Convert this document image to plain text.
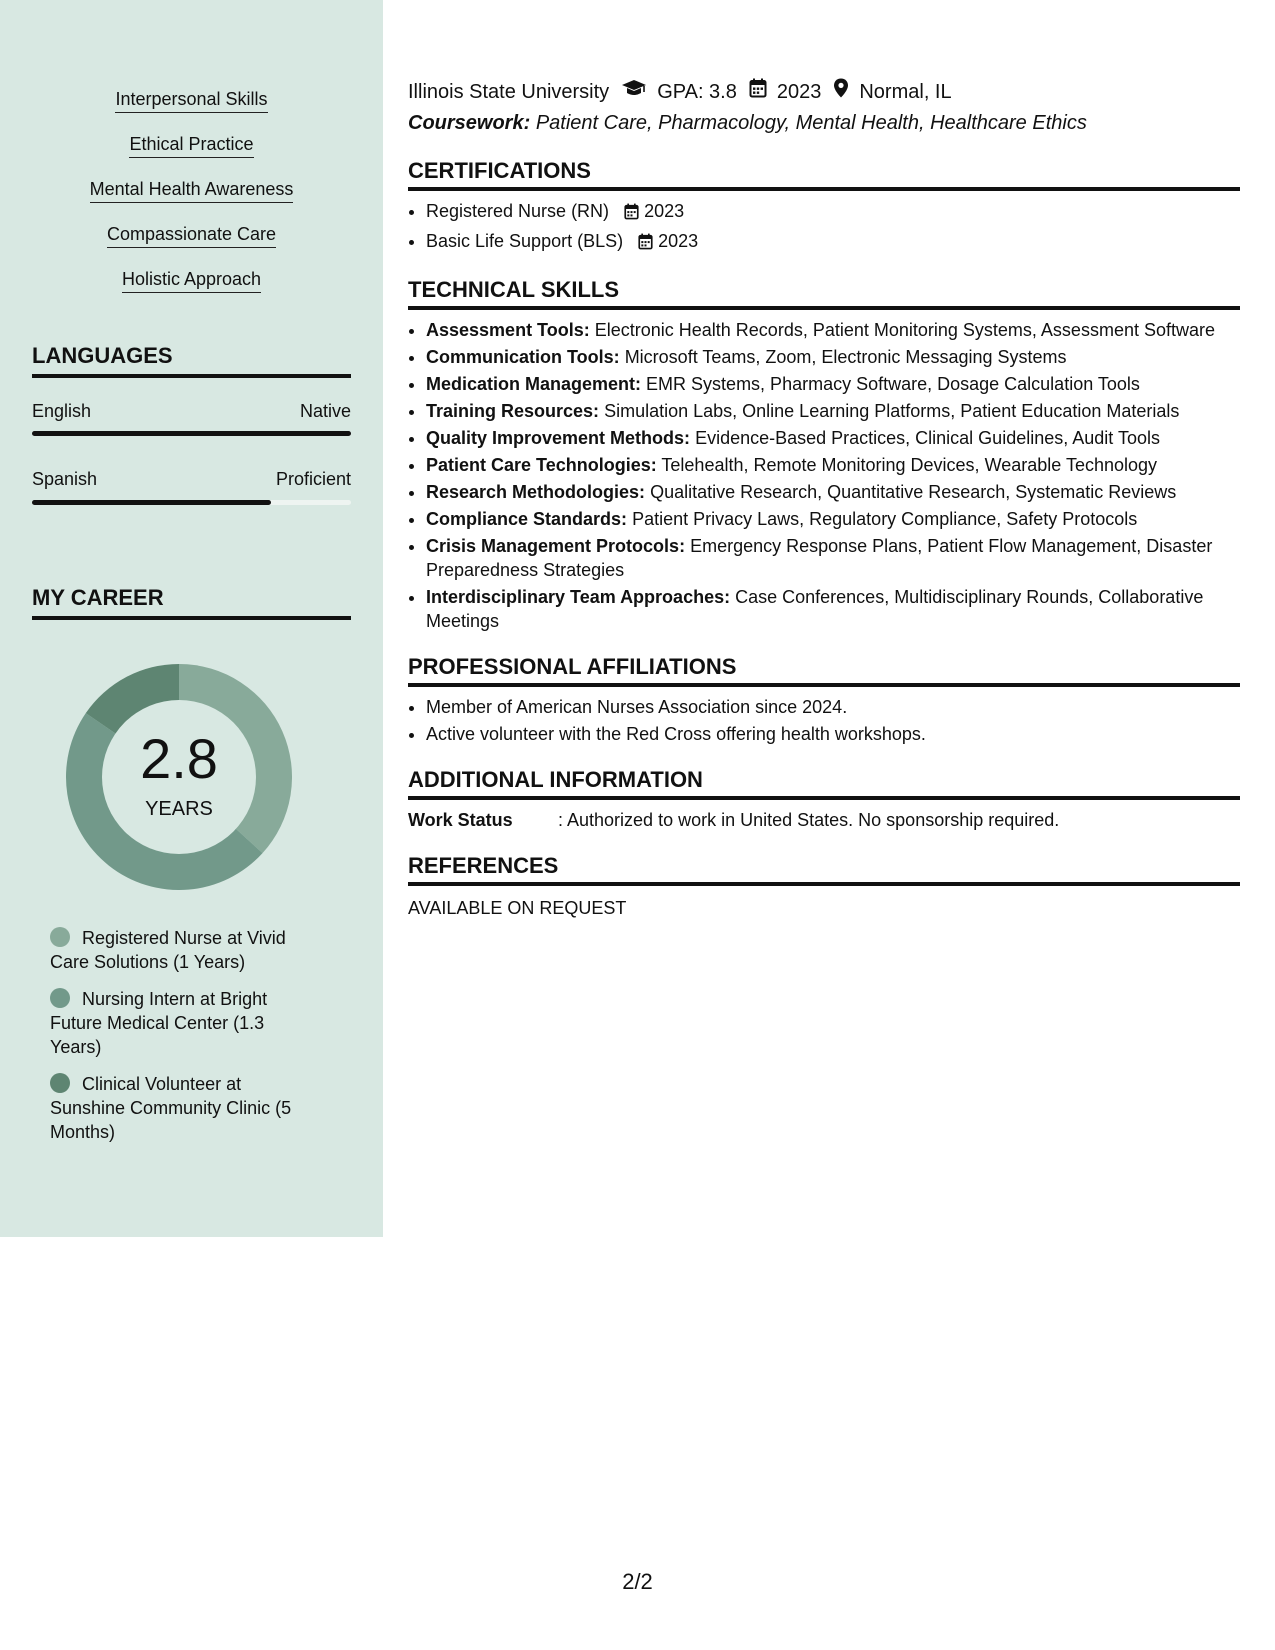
Interpersonal Skills
Ethical Practice
Mental Health Awareness
Compassionate Care
Holistic Approach
LANGUAGES
English	Native
Spanish	Proficient
MY CAREER
2.8
YEARS
Registered Nurse at Vivid Care Solutions (1 Years)
Nursing Intern at Bright Future Medical Center (1.3 Years)
Clinical Volunteer at Sunshine Community Clinic (5 Months)
Illinois State University GPA: 3.8 2023 Normal, IL
Coursework: Patient Care, Pharmacology, Mental Health, Healthcare Ethics
CERTIFICATIONS
• Registered Nurse (RN) 2023
• Basic Life Support (BLS) 2023
TECHNICAL SKILLS
• Assessment Tools: Electronic Health Records, Patient Monitoring Systems, Assessment Software
• Communication Tools: Microsoft Teams, Zoom, Electronic Messaging Systems
• Medication Management: EMR Systems, Pharmacy Software, Dosage Calculation Tools
• Training Resources: Simulation Labs, Online Learning Platforms, Patient Education Materials
• Quality Improvement Methods: Evidence-Based Practices, Clinical Guidelines, Audit Tools
• Patient Care Technologies: Telehealth, Remote Monitoring Devices, Wearable Technology
• Research Methodologies: Qualitative Research, Quantitative Research, Systematic Reviews
• Compliance Standards: Patient Privacy Laws, Regulatory Compliance, Safety Protocols
• Crisis Management Protocols: Emergency Response Plans, Patient Flow Management, Disaster Preparedness Strategies
• Interdisciplinary Team Approaches: Case Conferences, Multidisciplinary Rounds, Collaborative Meetings
PROFESSIONAL AFFILIATIONS
• Member of American Nurses Association since 2024.
• Active volunteer with the Red Cross offering health workshops.
ADDITIONAL INFORMATION
Work Status	: Authorized to work in United States. No sponsorship required.
REFERENCES
AVAILABLE ON REQUEST
2/2
